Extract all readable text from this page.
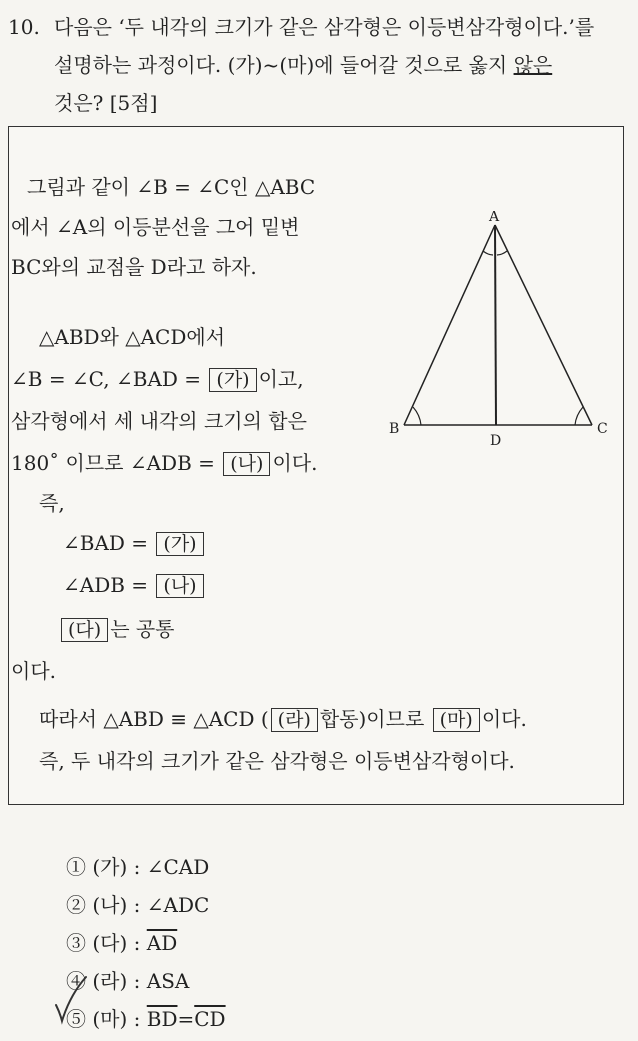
10. 다음은 ‘두 내각의 크기가 같은 삼각형은 이등변삼각형이다.’를
설명하는 과정이다. (가)~(마)에 들어갈 것으로 옳지 않은
것은? [5점]
그림과 같이 ∠B = ∠C인 △ABC
에서 ∠A의 이등분선을 그어 밑변
BC와의 교점을 D라고 하자.
△ABD와 △ACD에서
∠B = ∠C, ∠BAD = (가) 이고,
삼각형에서 세 내각의 크기의 합은
180˚ 이므로 ∠ADB = (나) 이다.
즉,
∠BAD = (가)
∠ADB = (나)
(다) 는 공통
이다.
따라서 △ABD ≡ △ACD ( (라) 합동)이므로 (마) 이다.
즉, 두 내각의 크기가 같은 삼각형은 이등변삼각형이다.
A
B	C
D
① (가) : ∠CAD
② (나) : ∠ADC
③ (다) : $\overline{AD}$
④ (라) : ASA
⑤ (마) : $\overline{BD}=\overline{CD}$
